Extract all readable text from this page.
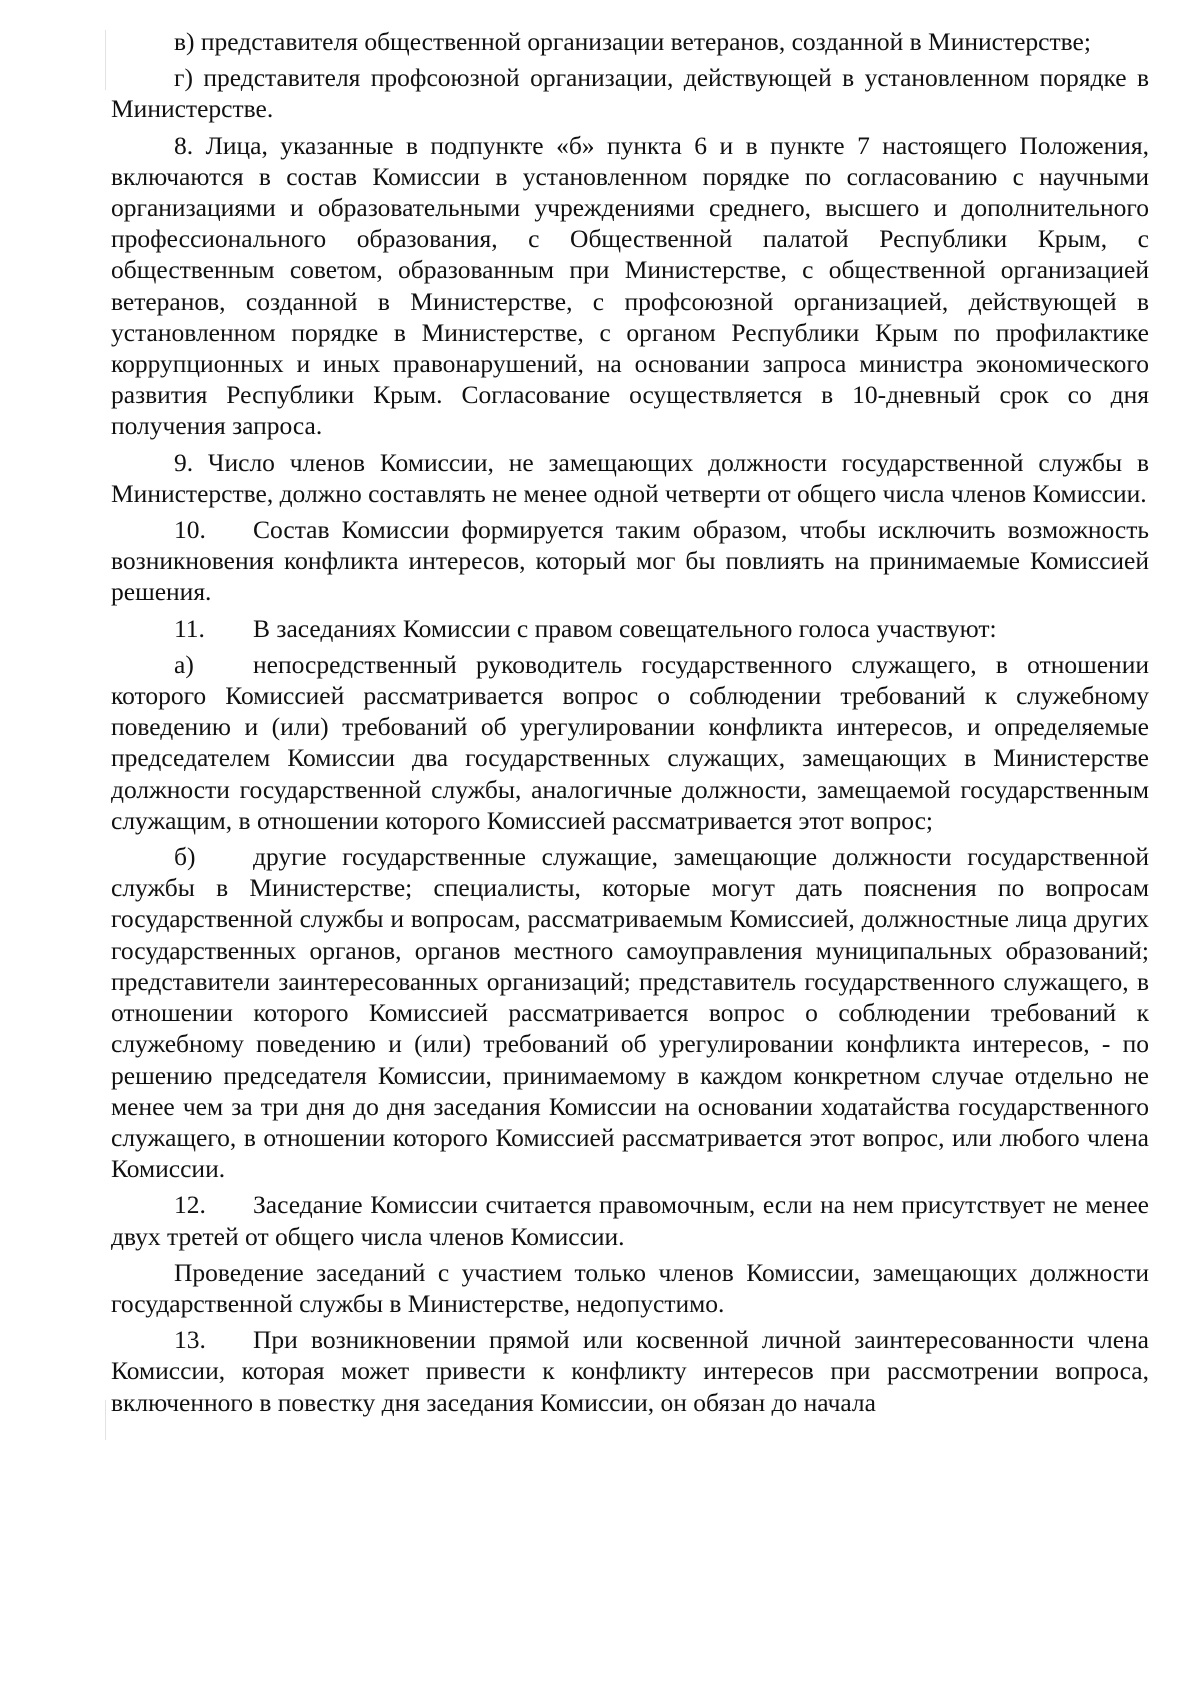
в) представителя общественной организации ветеранов, созданной в Министерстве;

г) представителя профсоюзной организации, действующей в установленном порядке в Министерстве.

8. Лица, указанные в подпункте «б» пункта 6 и в пункте 7 настоящего Положения, включаются в состав Комиссии в установленном порядке по согласованию с научными организациями и образовательными учреждениями среднего, высшего и дополнительного профессионального образования, с Общественной палатой Республики Крым, с общественным советом, образованным при Министерстве, с общественной организацией ветеранов, созданной в Министерстве, с профсоюзной организацией, действующей в установленном порядке в Министерстве, с органом Республики Крым по профилактике коррупционных и иных правонарушений, на основании запроса министра экономического развития Республики Крым. Согласование осуществляется в 10-дневный срок со дня получения запроса.

9. Число членов Комиссии, не замещающих должности государственной службы в Министерстве, должно составлять не менее одной четверти от общего числа членов Комиссии.

10. Состав Комиссии формируется таким образом, чтобы исключить возможность возникновения конфликта интересов, который мог бы повлиять на принимаемые Комиссией решения.

11. В заседаниях Комиссии с правом совещательного голоса участвуют:

а) непосредственный руководитель государственного служащего, в отношении которого Комиссией рассматривается вопрос о соблюдении требований к служебному поведению и (или) требований об урегулировании конфликта интересов, и определяемые председателем Комиссии два государственных служащих, замещающих в Министерстве должности государственной службы, аналогичные должности, замещаемой государственным служащим, в отношении которого Комиссией рассматривается этот вопрос;

б) другие государственные служащие, замещающие должности государственной службы в Министерстве; специалисты, которые могут дать пояснения по вопросам государственной службы и вопросам, рассматриваемым Комиссией, должностные лица других государственных органов, органов местного самоуправления муниципальных образований; представители заинтересованных организаций; представитель государственного служащего, в отношении которого Комиссией рассматривается вопрос о соблюдении требований к служебному поведению и (или) требований об урегулировании конфликта интересов, - по решению председателя Комиссии, принимаемому в каждом конкретном случае отдельно не менее чем за три дня до дня заседания Комиссии на основании ходатайства государственного служащего, в отношении которого Комиссией рассматривается этот вопрос, или любого члена Комиссии.

12. Заседание Комиссии считается правомочным, если на нем присутствует не менее двух третей от общего числа членов Комиссии.

Проведение заседаний с участием только членов Комиссии, замещающих должности государственной службы в Министерстве, недопустимо.

13. При возникновении прямой или косвенной личной заинтересованности члена Комиссии, которая может привести к конфликту интересов при рассмотрении вопроса, включенного в повестку дня заседания Комиссии, он обязан до начала
